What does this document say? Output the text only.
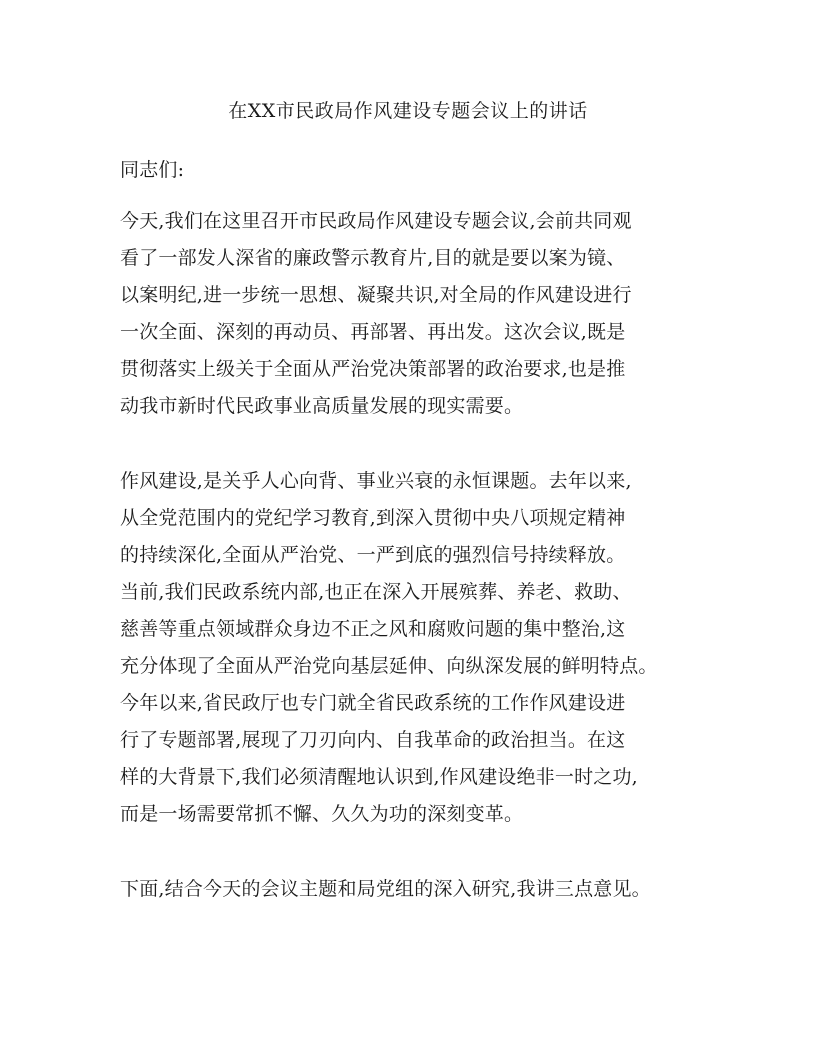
在XX市民政局作风建设专题会议上的讲话
同志们:
今天,我们在这里召开市民政局作风建设专题会议,会前共同观
看了一部发人深省的廉政警示教育片,目的就是要以案为镜、
以案明纪,进一步统一思想、凝聚共识,对全局的作风建设进行
一次全面、深刻的再动员、再部署、再出发。这次会议,既是
贯彻落实上级关于全面从严治党决策部署的政治要求,也是推
动我市新时代民政事业高质量发展的现实需要。
作风建设,是关乎人心向背、事业兴衰的永恒课题。去年以来,
从全党范围内的党纪学习教育,到深入贯彻中央八项规定精神
的持续深化,全面从严治党、一严到底的强烈信号持续释放。
当前,我们民政系统内部,也正在深入开展殡葬、养老、救助、
慈善等重点领域群众身边不正之风和腐败问题的集中整治,这
充分体现了全面从严治党向基层延伸、向纵深发展的鲜明特点。
今年以来,省民政厅也专门就全省民政系统的工作作风建设进
行了专题部署,展现了刀刃向内、自我革命的政治担当。在这
样的大背景下,我们必须清醒地认识到,作风建设绝非一时之功,
而是一场需要常抓不懈、久久为功的深刻变革。
下面,结合今天的会议主题和局党组的深入研究,我讲三点意见。
